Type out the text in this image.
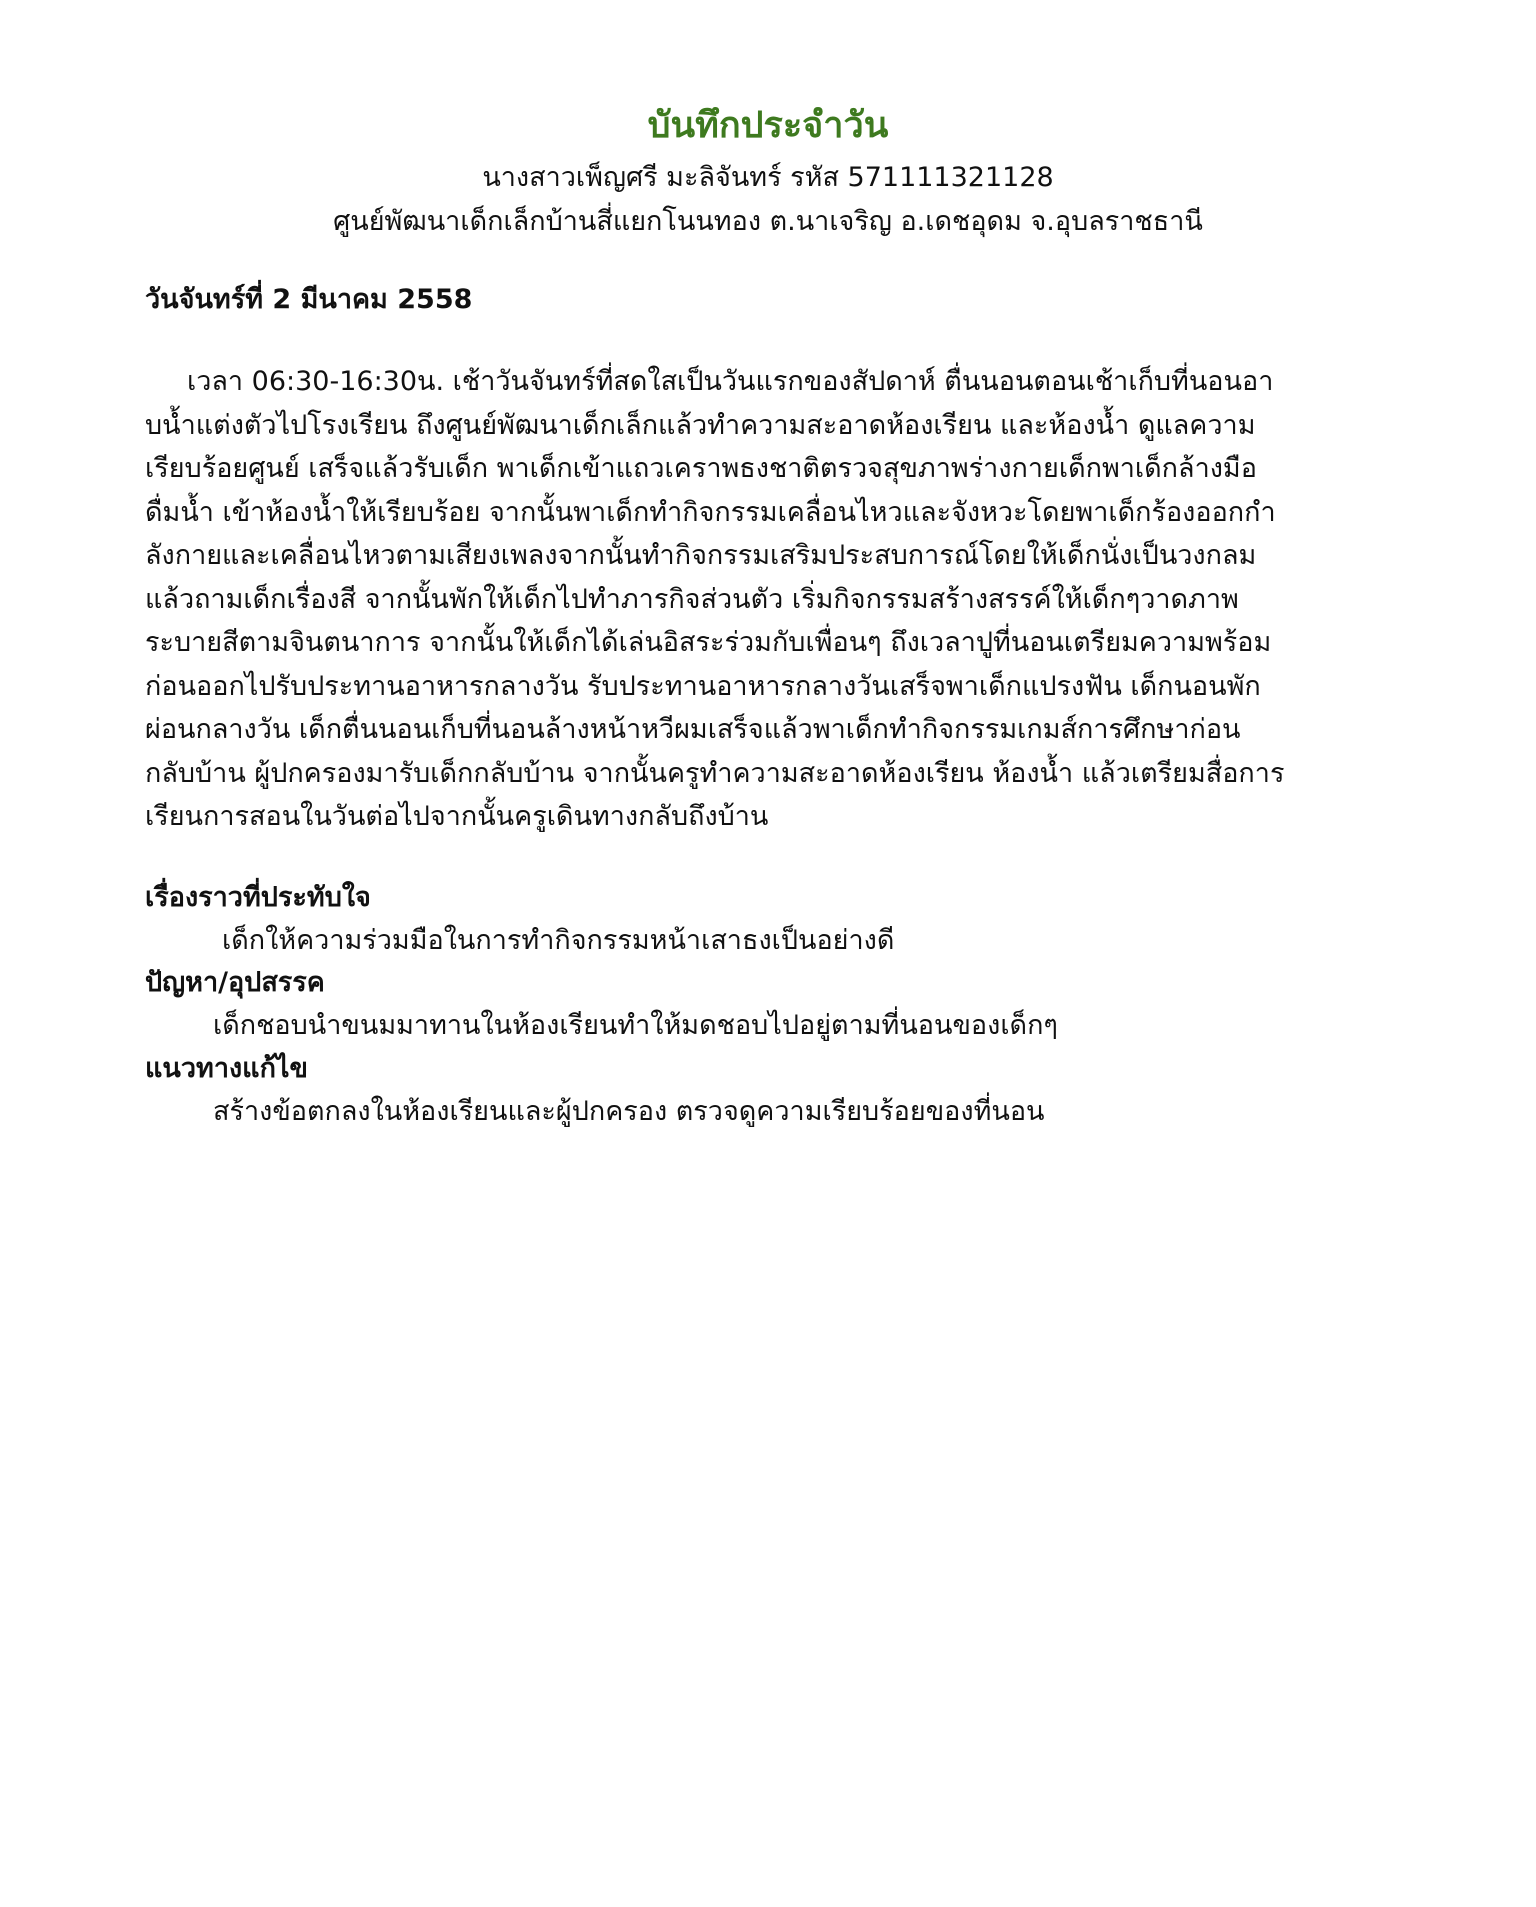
บันทึกประจำวัน
นางสาวเพ็ญศรี มะลิจันทร์ รหัส 571111321128
ศูนย์พัฒนาเด็กเล็กบ้านสี่แยกโนนทอง ต.นาเจริญ อ.เดชอุดม จ.อุบลราชธานี
วันจันทร์ที่ 2 มีนาคม 2558
เวลา 06:30-16:30น. เช้าวันจันทร์ที่สดใสเป็นวันแรกของสัปดาห์ ตื่นนอนตอนเช้าเก็บที่นอนอา
บน้ำแต่งตัวไปโรงเรียน ถึงศูนย์พัฒนาเด็กเล็กแล้วทำความสะอาดห้องเรียน และห้องน้ำ ดูแลความ
เรียบร้อยศูนย์ เสร็จแล้วรับเด็ก พาเด็กเข้าแถวเคราพธงชาติตรวจสุขภาพร่างกายเด็กพาเด็กล้างมือ
ดื่มน้ำ เข้าห้องน้ำให้เรียบร้อย จากนั้นพาเด็กทำกิจกรรมเคลื่อนไหวและจังหวะโดยพาเด็กร้องออกกำ
ลังกายและเคลื่อนไหวตามเสียงเพลงจากนั้นทำกิจกรรมเสริมประสบการณ์โดยให้เด็กนั่งเป็นวงกลม
แล้วถามเด็กเรื่องสี จากนั้นพักให้เด็กไปทำภารกิจส่วนตัว เริ่มกิจกรรมสร้างสรรค์ให้เด็กๆวาดภาพ
ระบายสีตามจินตนาการ จากนั้นให้เด็กได้เล่นอิสระร่วมกับเพื่อนๆ ถึงเวลาปูที่นอนเตรียมความพร้อม
ก่อนออกไปรับประทานอาหารกลางวัน รับประทานอาหารกลางวันเสร็จพาเด็กแปรงฟัน เด็กนอนพัก
ผ่อนกลางวัน เด็กตื่นนอนเก็บที่นอนล้างหน้าหวีผมเสร็จแล้วพาเด็กทำกิจกรรมเกมส์การศึกษาก่อน
กลับบ้าน ผู้ปกครองมารับเด็กกลับบ้าน จากนั้นครูทำความสะอาดห้องเรียน ห้องน้ำ แล้วเตรียมสื่อการ
เรียนการสอนในวันต่อไปจากนั้นครูเดินทางกลับถึงบ้าน
เรื่องราวที่ประทับใจ
เด็กให้ความร่วมมือในการทำกิจกรรมหน้าเสาธงเป็นอย่างดี
ปัญหา/อุปสรรค
เด็กชอบนำขนมมาทานในห้องเรียนทำให้มดชอบไปอยู่ตามที่นอนของเด็กๆ
แนวทางแก้ไข
สร้างข้อตกลงในห้องเรียนและผู้ปกครอง ตรวจดูความเรียบร้อยของที่นอน
